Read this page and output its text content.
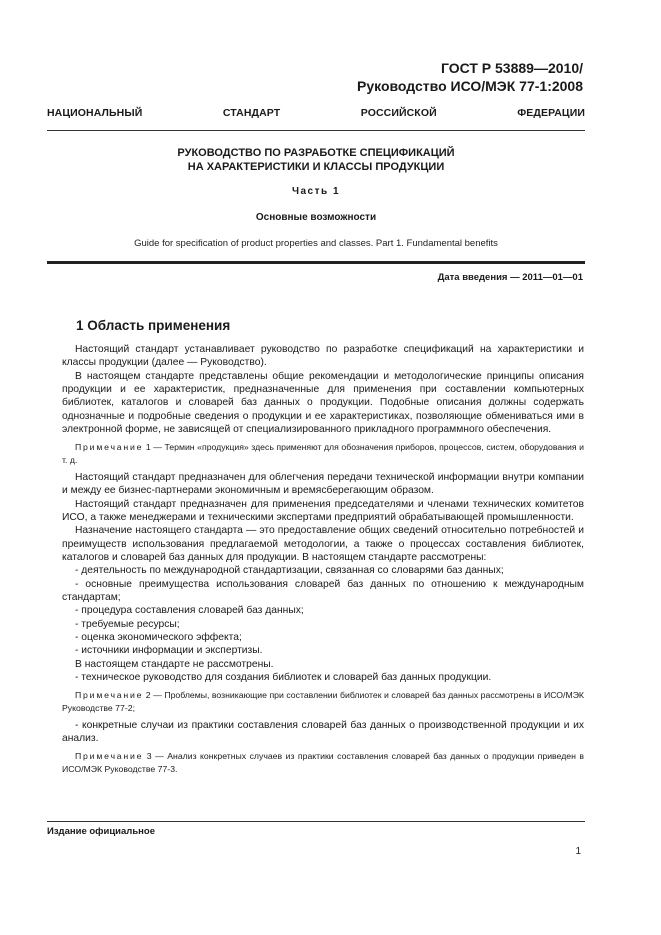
ГОСТ Р 53889—2010/
Руководство ИСО/МЭК 77-1:2008
НАЦИОНАЛЬНЫЙ СТАНДАРТ РОССИЙСКОЙ ФЕДЕРАЦИИ
РУКОВОДСТВО ПО РАЗРАБОТКЕ СПЕЦИФИКАЦИЙ
НА ХАРАКТЕРИСТИКИ И КЛАССЫ ПРОДУКЦИИ
Часть 1
Основные возможности
Guide for specification of product properties and classes. Part 1. Fundamental benefits
Дата введения — 2011—01—01
1 Область применения

Настоящий стандарт устанавливает руководство по разработке спецификаций на характеристики и классы продукции (далее — Руководство).

В настоящем стандарте представлены общие рекомендации и методологические принципы описания продукции и ее характеристик, предназначенные для применения при составлении компьютерных библиотек, каталогов и словарей баз данных о продукции. Подобные описания должны содержать однозначные и подробные сведения о продукции и ее характеристиках, позволяющие обмениваться ими в электронной форме, не зависящей от специализированного прикладного программного обеспечения.

Примечание 1 — Термин «продукция» здесь применяют для обозначения приборов, процессов, систем, оборудования и т. д.

Настоящий стандарт предназначен для облегчения передачи технической информации внутри компании и между ее бизнес-партнерами экономичным и времясберегающим образом.

Настоящий стандарт предназначен для применения председателями и членами технических комитетов ИСО, а также менеджерами и техническими экспертами предприятий обрабатывающей промышленности.

Назначение настоящего стандарта — это предоставление общих сведений относительно потребностей и преимуществ использования предлагаемой методологии, а также о процессах составления библиотек, каталогов и словарей баз данных для продукции. В настоящем стандарте рассмотрены:

- деятельность по международной стандартизации, связанная со словарями баз данных;

- основные преимущества использования словарей баз данных по отношению к международным стандартам;

- процедура составления словарей баз данных;

- требуемые ресурсы;

- оценка экономического эффекта;

- источники информации и экспертизы.

В настоящем стандарте не рассмотрены.

- техническое руководство для создания библиотек и словарей баз данных продукции.

Примечание 2 — Проблемы, возникающие при составлении библиотек и словарей баз данных рассмотрены в ИСО/МЭК Руководстве 77-2;

- конкретные случаи из практики составления словарей баз данных о производственной продукции и их анализ.

Примечание 3 — Анализ конкретных случаев из практики составления словарей баз данных о продукции приведен в ИСО/МЭК Руководстве 77-3.

Издание официальное
1
